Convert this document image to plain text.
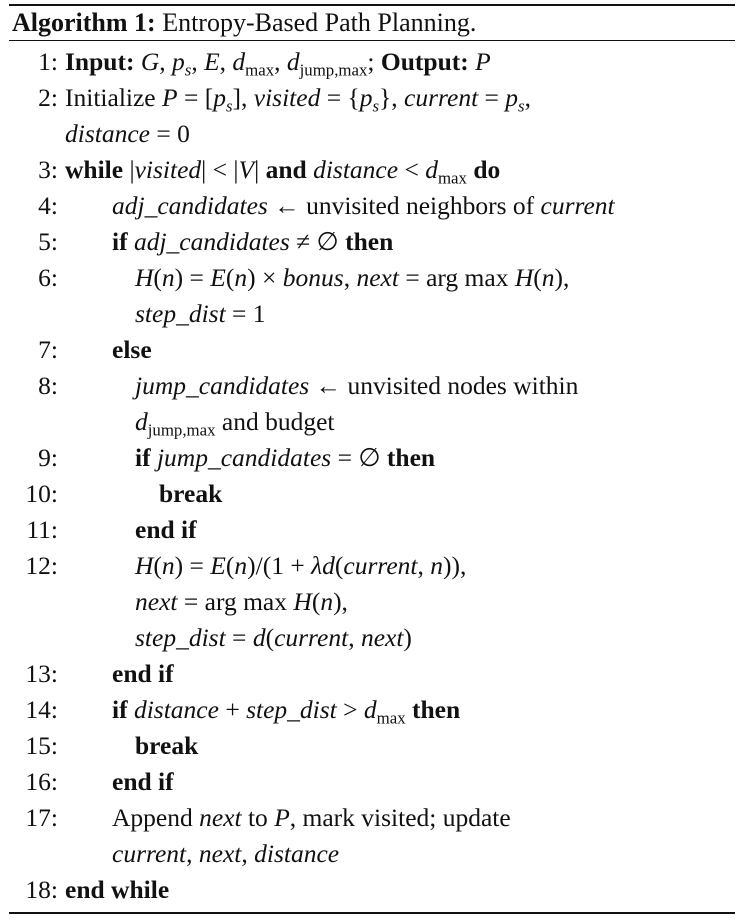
Algorithm 1: Entropy-Based Path Planning.
1: Input: G, $p_s$, E, $d_{max}$, $d_{jump,max}$; Output: P
2: Initialize $P = [p_s]$, visited = $\{p_s\}$, current = $p_s$,
distance = 0
3: while |visited| < |V| and distance < $d_{max}$ do
4:	adj_candidates ← unvisited neighbors of current
5:	if adj_candidates ≠ ∅ then
6:	H(n) = E(n) × bonus, next = arg max H(n),
step_dist = 1
7:	else
8:	jump_candidates ← unvisited nodes within
$d_{jump,max}$ and budget
9:	if jump_candidates = ∅ then
10:	break
11:	end if
12:	H(n) = E(n)/(1 + λd(current, n)),
next = arg max H(n),
step_dist = d(current, next)
13:	end if
14:	if distance + step_dist > $d_{max}$ then
15:	break
16:	end if
17:	Append next to P, mark visited; update
current, next, distance
18: end while
